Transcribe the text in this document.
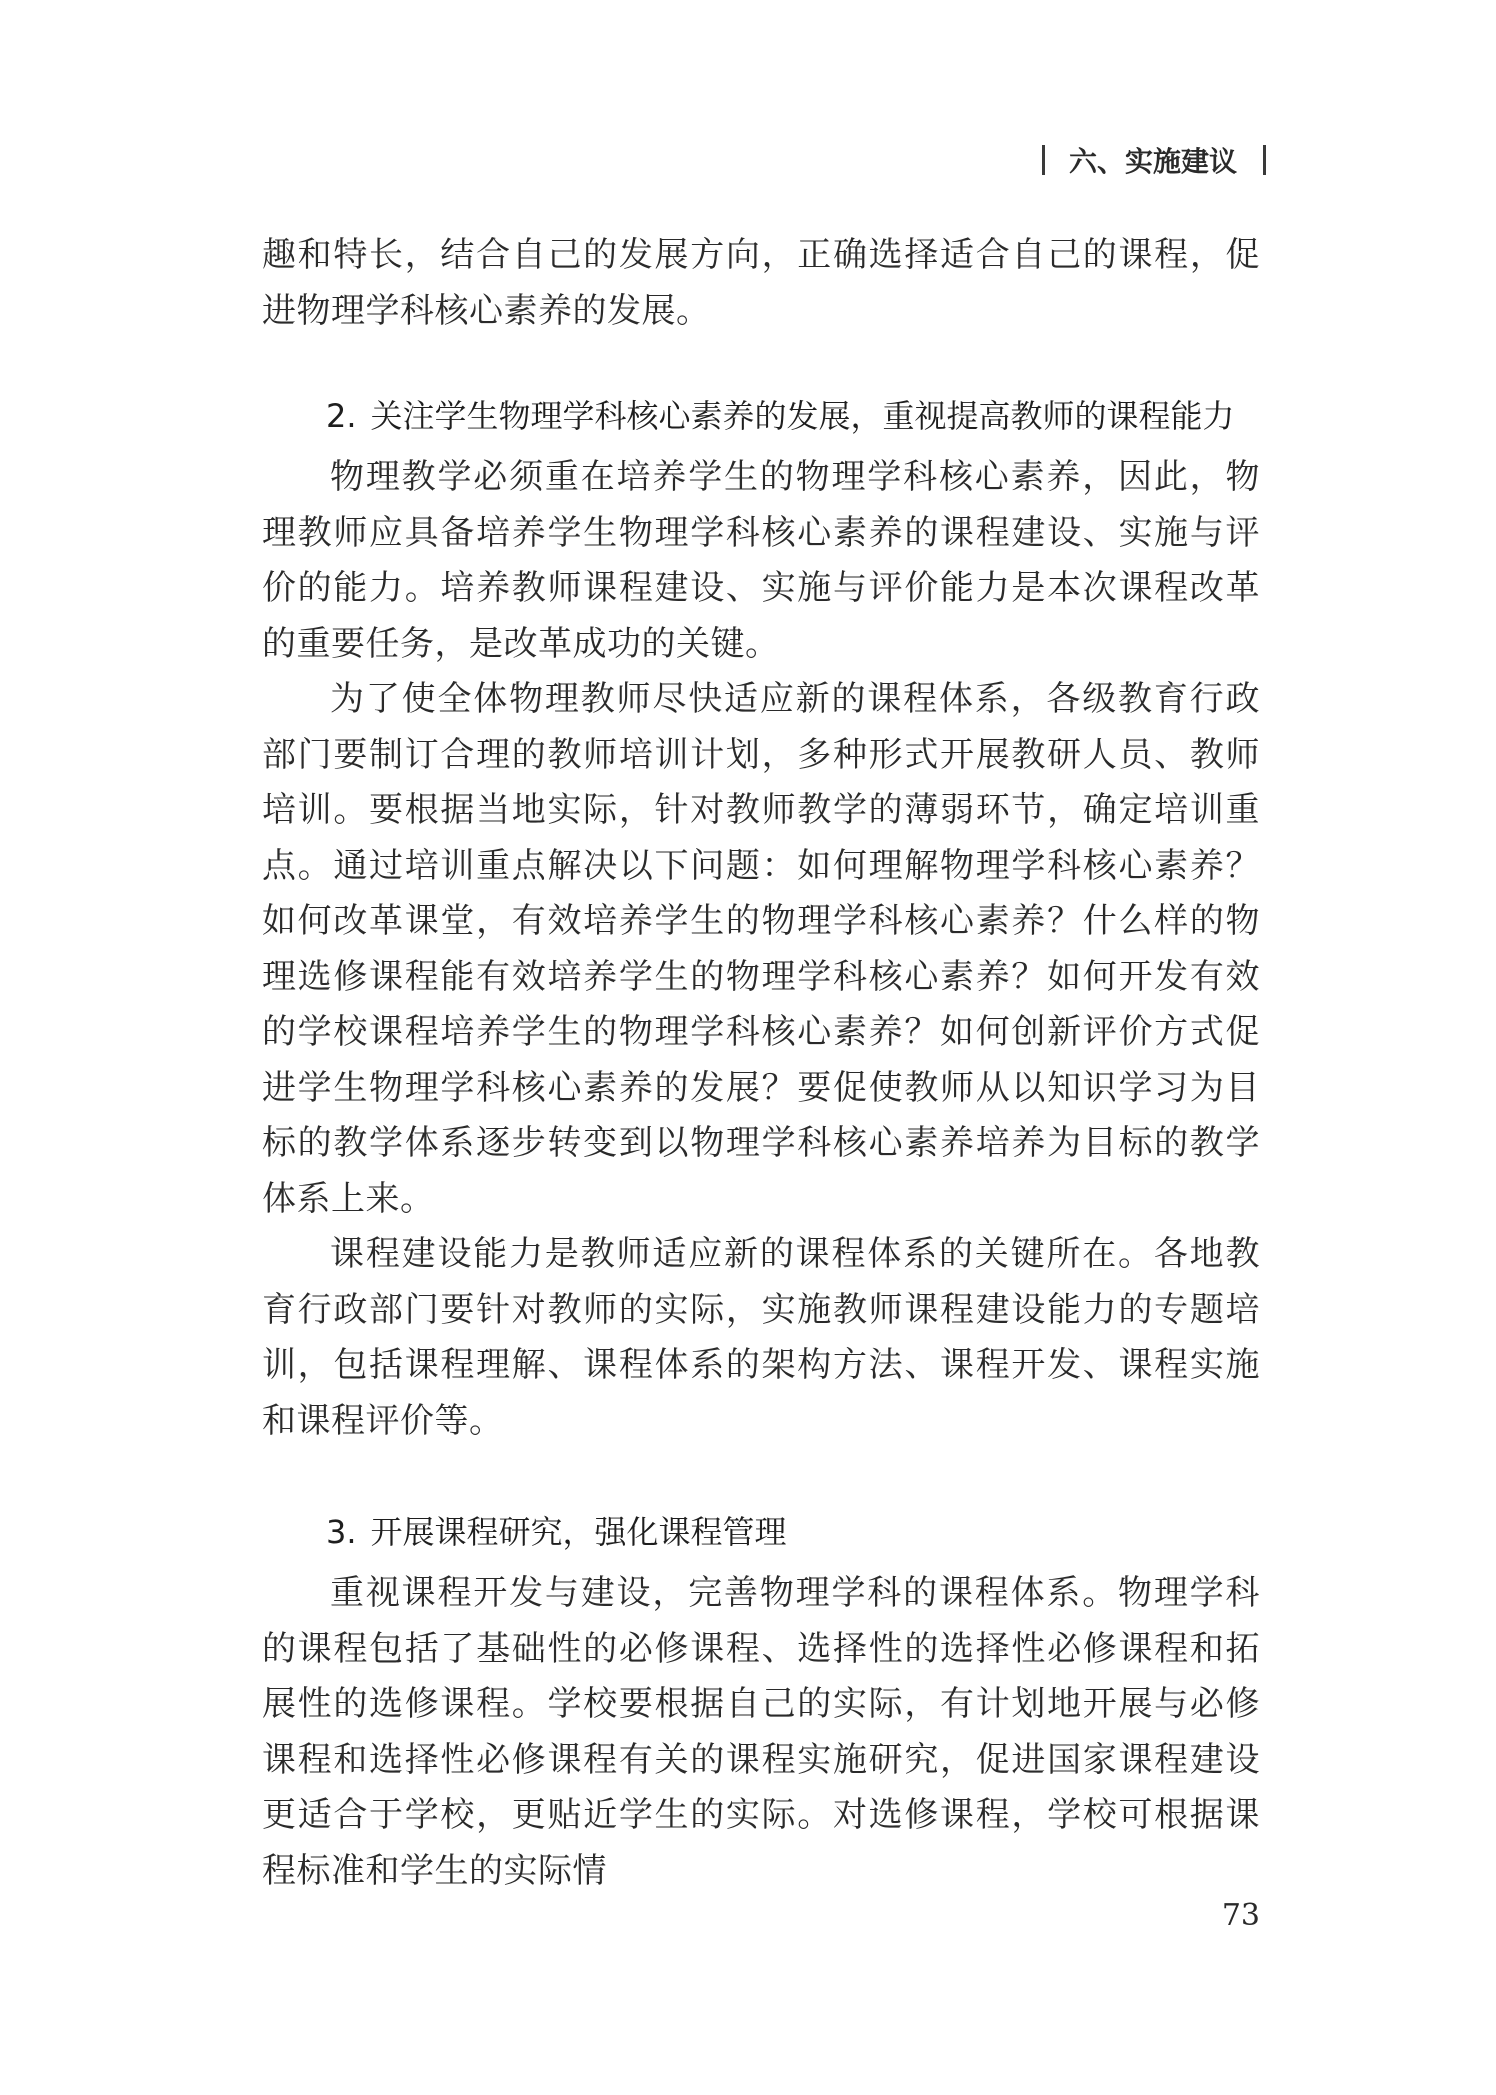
六、实施建议

趣和特长，结合自己的发展方向，正确选择适合自己的课程，促进物理学科核心素养的发展。

2. 关注学生物理学科核心素养的发展，重视提高教师的课程能力

物理教学必须重在培养学生的物理学科核心素养，因此，物理教师应具备培养学生物理学科核心素养的课程建设、实施与评价的能力。培养教师课程建设、实施与评价能力是本次课程改革的重要任务，是改革成功的关键。

为了使全体物理教师尽快适应新的课程体系，各级教育行政部门要制订合理的教师培训计划，多种形式开展教研人员、教师培训。要根据当地实际，针对教师教学的薄弱环节，确定培训重点。通过培训重点解决以下问题：如何理解物理学科核心素养？如何改革课堂，有效培养学生的物理学科核心素养？什么样的物理选修课程能有效培养学生的物理学科核心素养？如何开发有效的学校课程培养学生的物理学科核心素养？如何创新评价方式促进学生物理学科核心素养的发展？要促使教师从以知识学习为目标的教学体系逐步转变到以物理学科核心素养培养为目标的教学体系上来。

课程建设能力是教师适应新的课程体系的关键所在。各地教育行政部门要针对教师的实际，实施教师课程建设能力的专题培训，包括课程理解、课程体系的架构方法、课程开发、课程实施和课程评价等。

3. 开展课程研究，强化课程管理

重视课程开发与建设，完善物理学科的课程体系。物理学科的课程包括了基础性的必修课程、选择性的选择性必修课程和拓展性的选修课程。学校要根据自己的实际，有计划地开展与必修课程和选择性必修课程有关的课程实施研究，促进国家课程建设更适合于学校，更贴近学生的实际。对选修课程，学校可根据课程标准和学生的实际情

73
